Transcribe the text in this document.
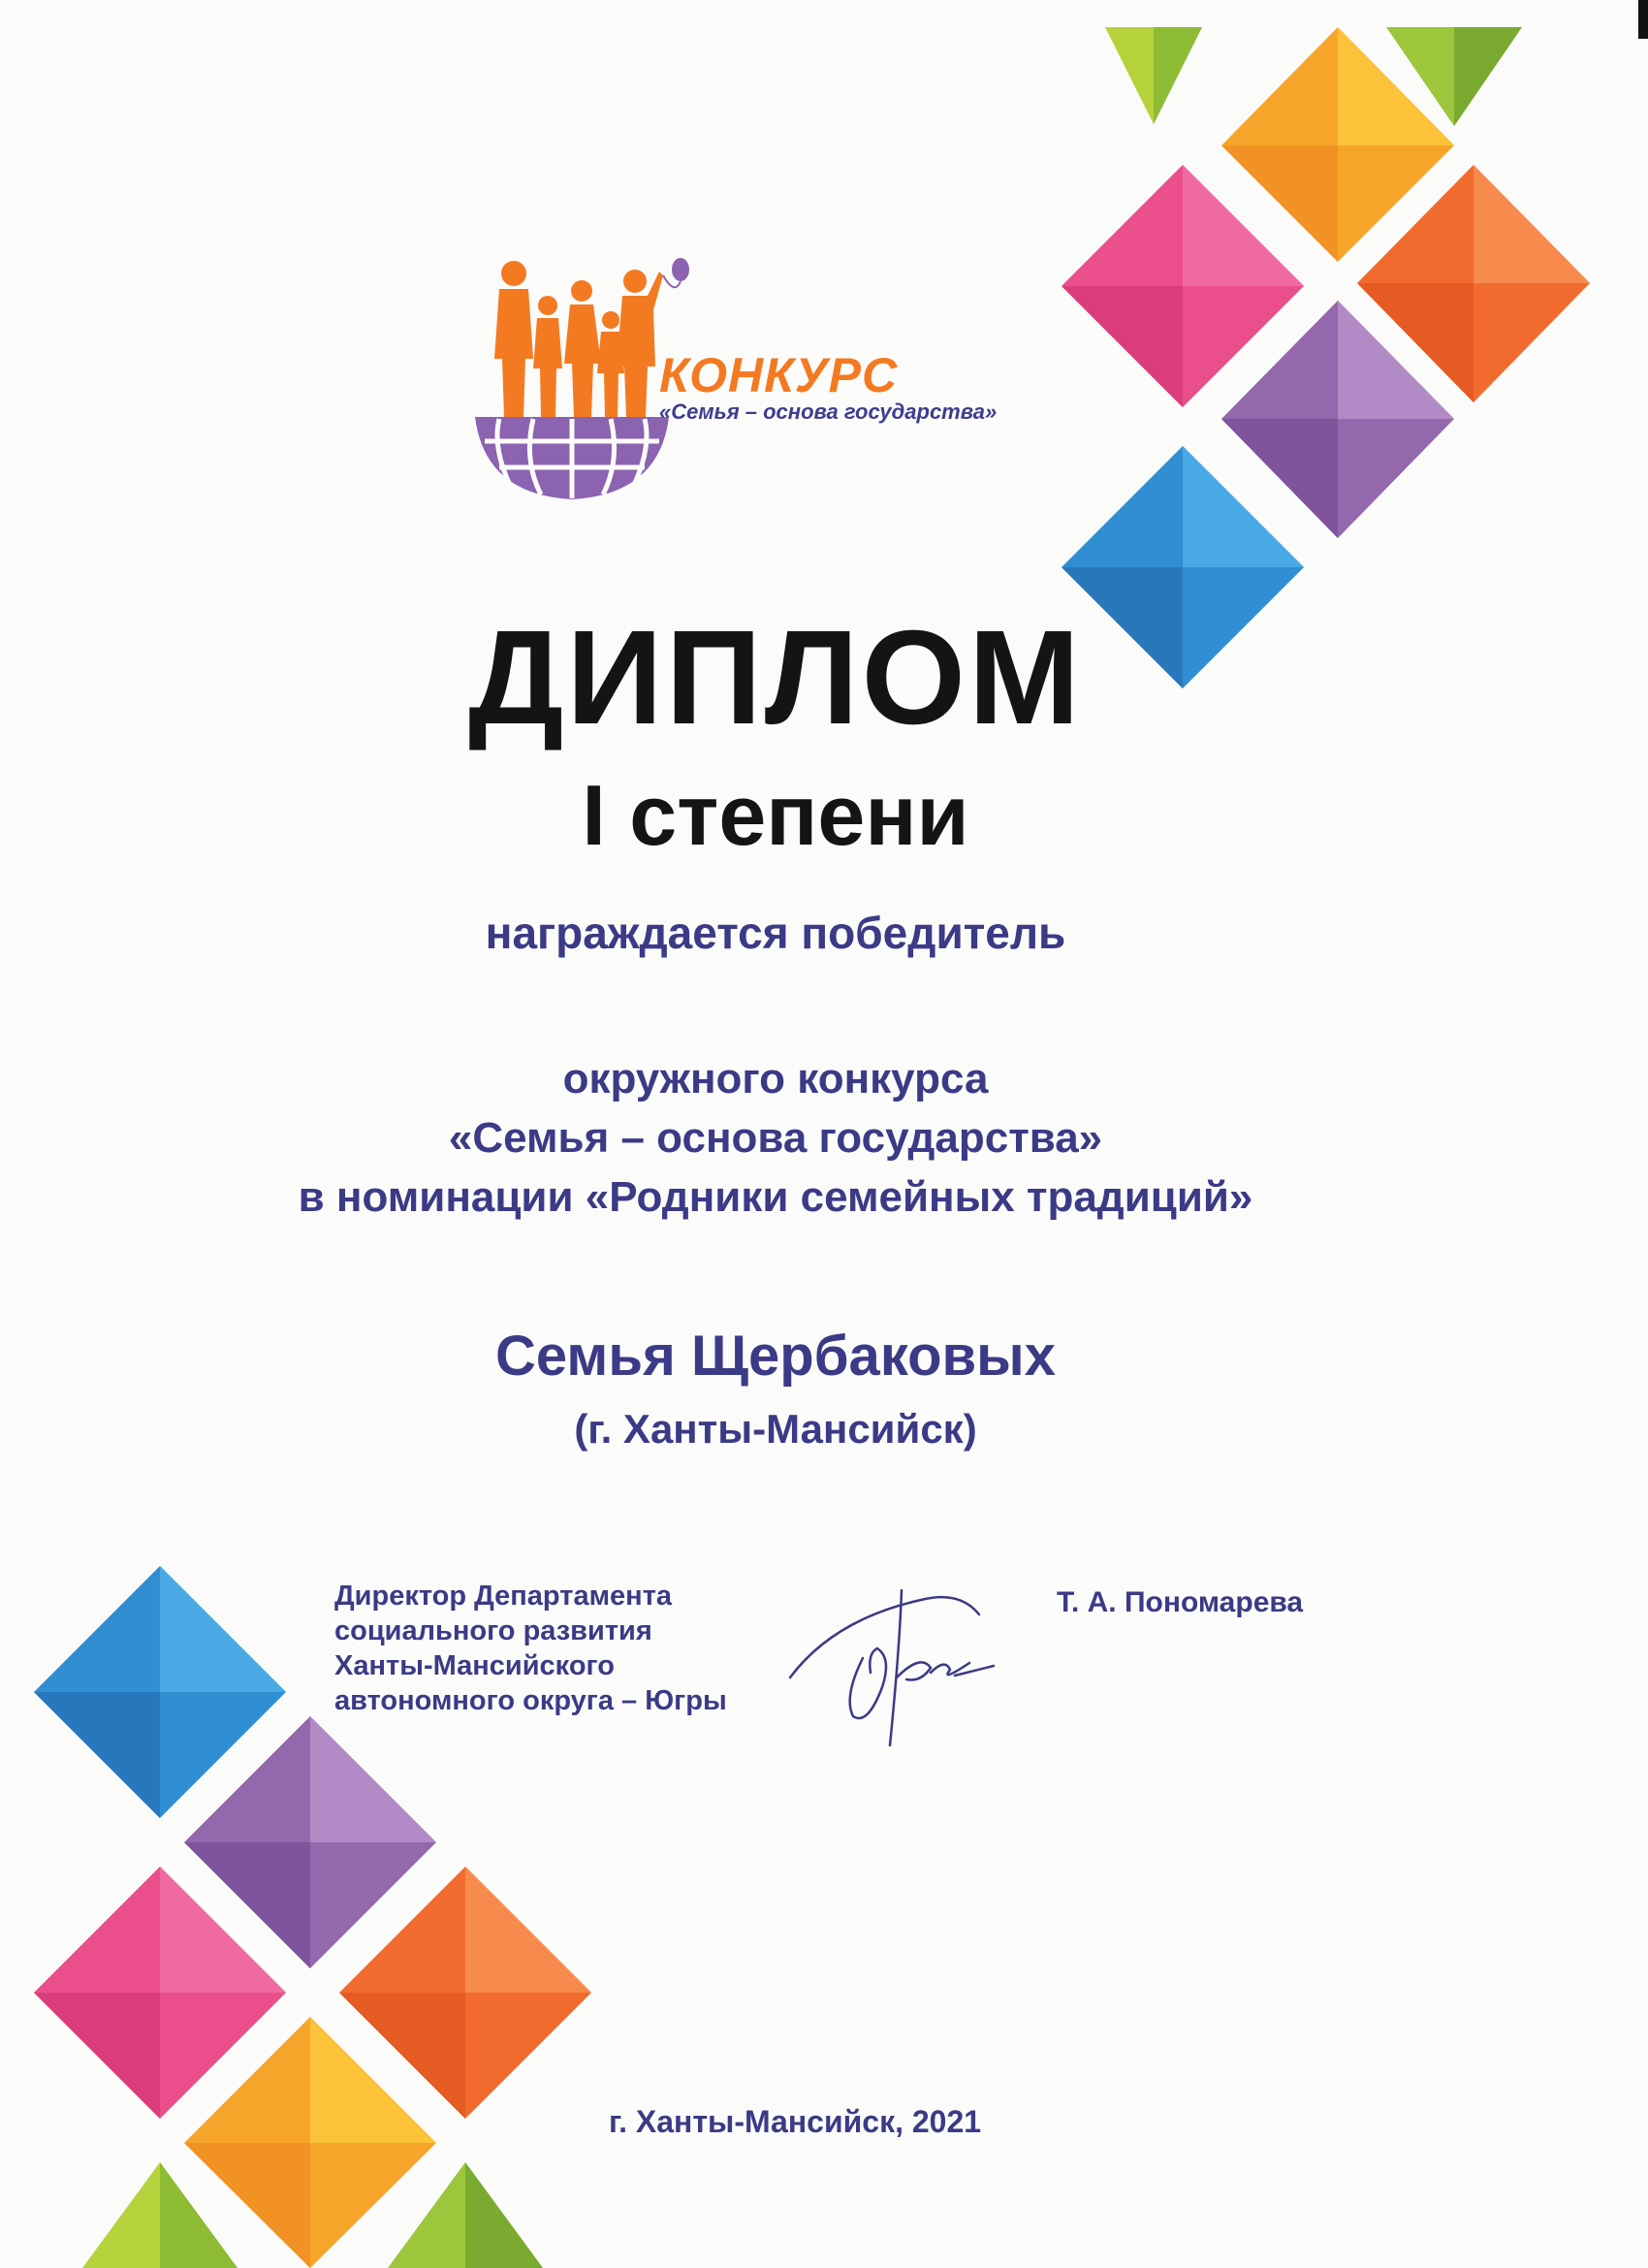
КОНКУРС
«Семья – основа государства»
ДИПЛОМ
I степени
награждается победитель
окружного конкурса
«Семья – основа государства»
в номинации «Родники семейных традиций»
Семья Щербаковых
(г. Ханты-Мансийск)
Директор Департамента
социального развития
Ханты-Мансийского
автономного округа – Югры
Т. А. Пономарева
г. Ханты-Мансийск, 2021
